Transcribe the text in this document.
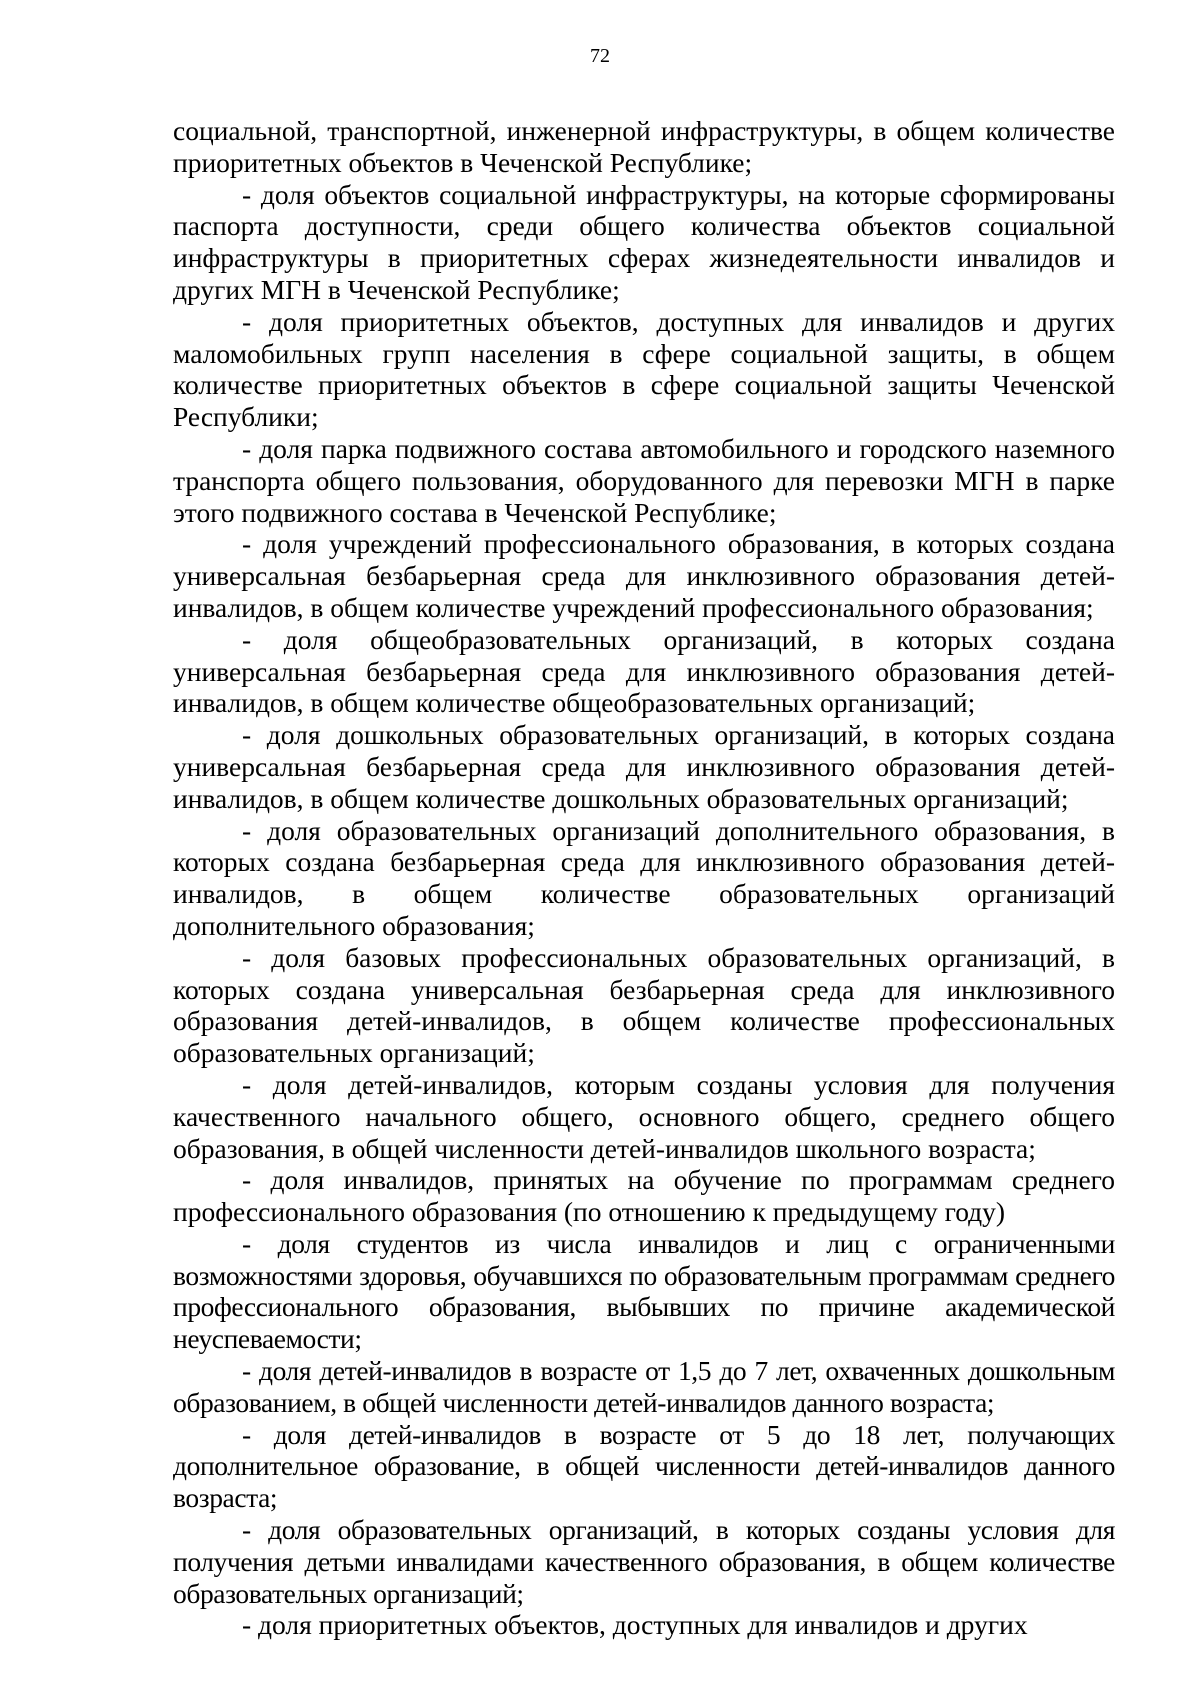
72

социальной, транспортной, инженерной инфраструктуры, в общем количестве приоритетных объектов в Чеченской Республике;

- доля объектов социальной инфраструктуры, на которые сформированы паспорта доступности, среди общего количества объектов социальной инфраструктуры в приоритетных сферах жизнедеятельности инвалидов и других МГН в Чеченской Республике;

- доля приоритетных объектов, доступных для инвалидов и других маломобильных групп населения в сфере социальной защиты, в общем количестве приоритетных объектов в сфере социальной защиты Чеченской Республики;

- доля парка подвижного состава автомобильного и городского наземного транспорта общего пользования, оборудованного для перевозки МГН в парке этого подвижного состава в Чеченской Республике;

- доля учреждений профессионального образования, в которых создана универсальная безбарьерная среда для инклюзивного образования детей-инвалидов, в общем количестве учреждений профессионального образования;

- доля общеобразовательных организаций, в которых создана универсальная безбарьерная среда для инклюзивного образования детей-инвалидов, в общем количестве общеобразовательных организаций;

- доля дошкольных образовательных организаций, в которых создана универсальная безбарьерная среда для инклюзивного образования детей-инвалидов, в общем количестве дошкольных образовательных организаций;

- доля образовательных организаций дополнительного образования, в которых создана безбарьерная среда для инклюзивного образования детей-инвалидов, в общем количестве образовательных организаций дополнительного образования;

- доля базовых профессиональных образовательных организаций, в которых создана универсальная безбарьерная среда для инклюзивного образования детей-инвалидов, в общем количестве профессиональных образовательных организаций;

- доля детей-инвалидов, которым созданы условия для получения качественного начального общего, основного общего, среднего общего образования, в общей численности детей-инвалидов школьного возраста;

- доля инвалидов, принятых на обучение по программам среднего профессионального образования (по отношению к предыдущему году)

- доля студентов из числа инвалидов и лиц с ограниченными возможностями здоровья, обучавшихся по образовательным программам среднего профессионального образования, выбывших по причине академической неуспеваемости;

- доля детей-инвалидов в возрасте от 1,5 до 7 лет, охваченных дошкольным образованием, в общей численности детей-инвалидов данного возраста;

- доля детей-инвалидов в возрасте от 5 до 18 лет, получающих дополнительное образование, в общей численности детей-инвалидов данного возраста;

- доля образовательных организаций, в которых созданы условия для получения детьми инвалидами качественного образования, в общем количестве образовательных организаций;

- доля приоритетных объектов, доступных для инвалидов и других
